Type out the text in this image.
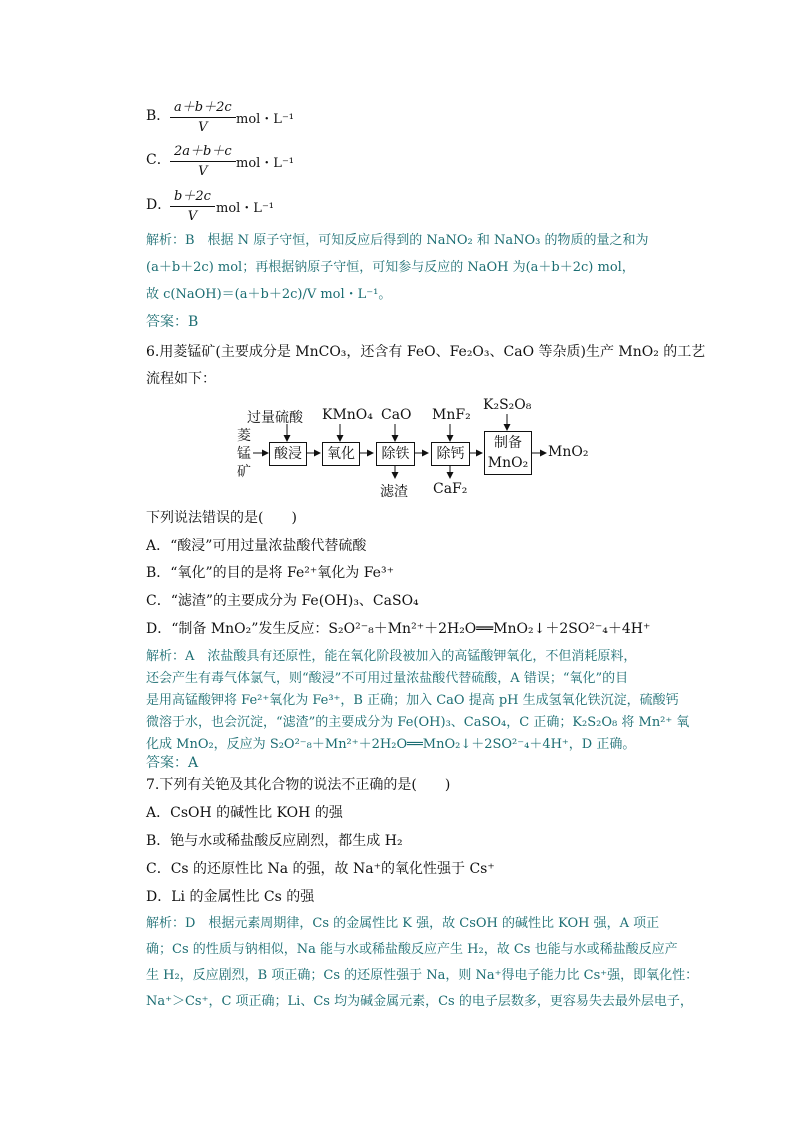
B． $\frac{a+b+2c}{V}$ mol・L⁻¹
C． $\frac{2a+b+c}{V}$ mol・L⁻¹
D．
$\frac{b+2c}{V}$ mol・L⁻¹
解析：B　根据 N 原子守恒，可知反应后得到的 NaNO₂ 和 NaNO₃ 的物质的量之和为
(a＋b＋2c) mol；再根据钠原子守恒，可知参与反应的 NaOH 为(a＋b＋2c) mol，
故 c(NaOH)＝(a＋b＋2c)/V mol・L⁻¹。
答案：B
6.用菱锰矿(主要成分是 MnCO₃，还含有 FeO、Fe₂O₃、CaO 等杂质)生产 MnO₂ 的工艺
流程如下：
菱
锰
矿
过量硫酸 KMnO₄ CaO MnF₂
K₂S₂O₈
酸浸	氧化	除铁	除钙
制备
MnO₂
MnO₂
滤渣 CaF₂
下列说法错误的是(　　)
A．“酸浸”可用过量浓盐酸代替硫酸
B．“氧化”的目的是将 Fe²⁺氧化为 Fe³⁺
C．“滤渣”的主要成分为 Fe(OH)₃、CaSO₄
D．“制备 MnO₂”发生反应：S₂O²⁻₈＋Mn²⁺＋2H₂O══MnO₂↓＋2SO²⁻₄＋4H⁺
解析：A　浓盐酸具有还原性，能在氧化阶段被加入的高锰酸钾氧化，不但消耗原料，
还会产生有毒气体氯气，则“酸浸”不可用过量浓盐酸代替硫酸，A 错误；“氧化”的目
是用高锰酸钾将 Fe²⁺氧化为 Fe³⁺，B 正确；加入 CaO 提高 pH 生成氢氧化铁沉淀，硫酸钙
微溶于水，也会沉淀，“滤渣”的主要成分为 Fe(OH)₃、CaSO₄，C 正确；K₂S₂O₈ 将 Mn²⁺ 氧
化成 MnO₂，反应为 S₂O²⁻₈＋Mn²⁺＋2H₂O══MnO₂↓＋2SO²⁻₄＋4H⁺，D 正确。
答案：A
7.下列有关铯及其化合物的说法不正确的是(　　)
A．CsOH 的碱性比 KOH 的强
B．铯与水或稀盐酸反应剧烈，都生成 H₂
C．Cs 的还原性比 Na 的强，故 Na⁺的氧化性强于 Cs⁺
D．Li 的金属性比 Cs 的强
解析：D　根据元素周期律，Cs 的金属性比 K 强，故 CsOH 的碱性比 KOH 强，A 项正
确；Cs 的性质与钠相似，Na 能与水或稀盐酸反应产生 H₂，故 Cs 也能与水或稀盐酸反应产
生 H₂，反应剧烈，B 项正确；Cs 的还原性强于 Na，则 Na⁺得电子能力比 Cs⁺强，即氧化性：
Na⁺＞Cs⁺，C 项正确；Li、Cs 均为碱金属元素，Cs 的电子层数多，更容易失去最外层电子，
